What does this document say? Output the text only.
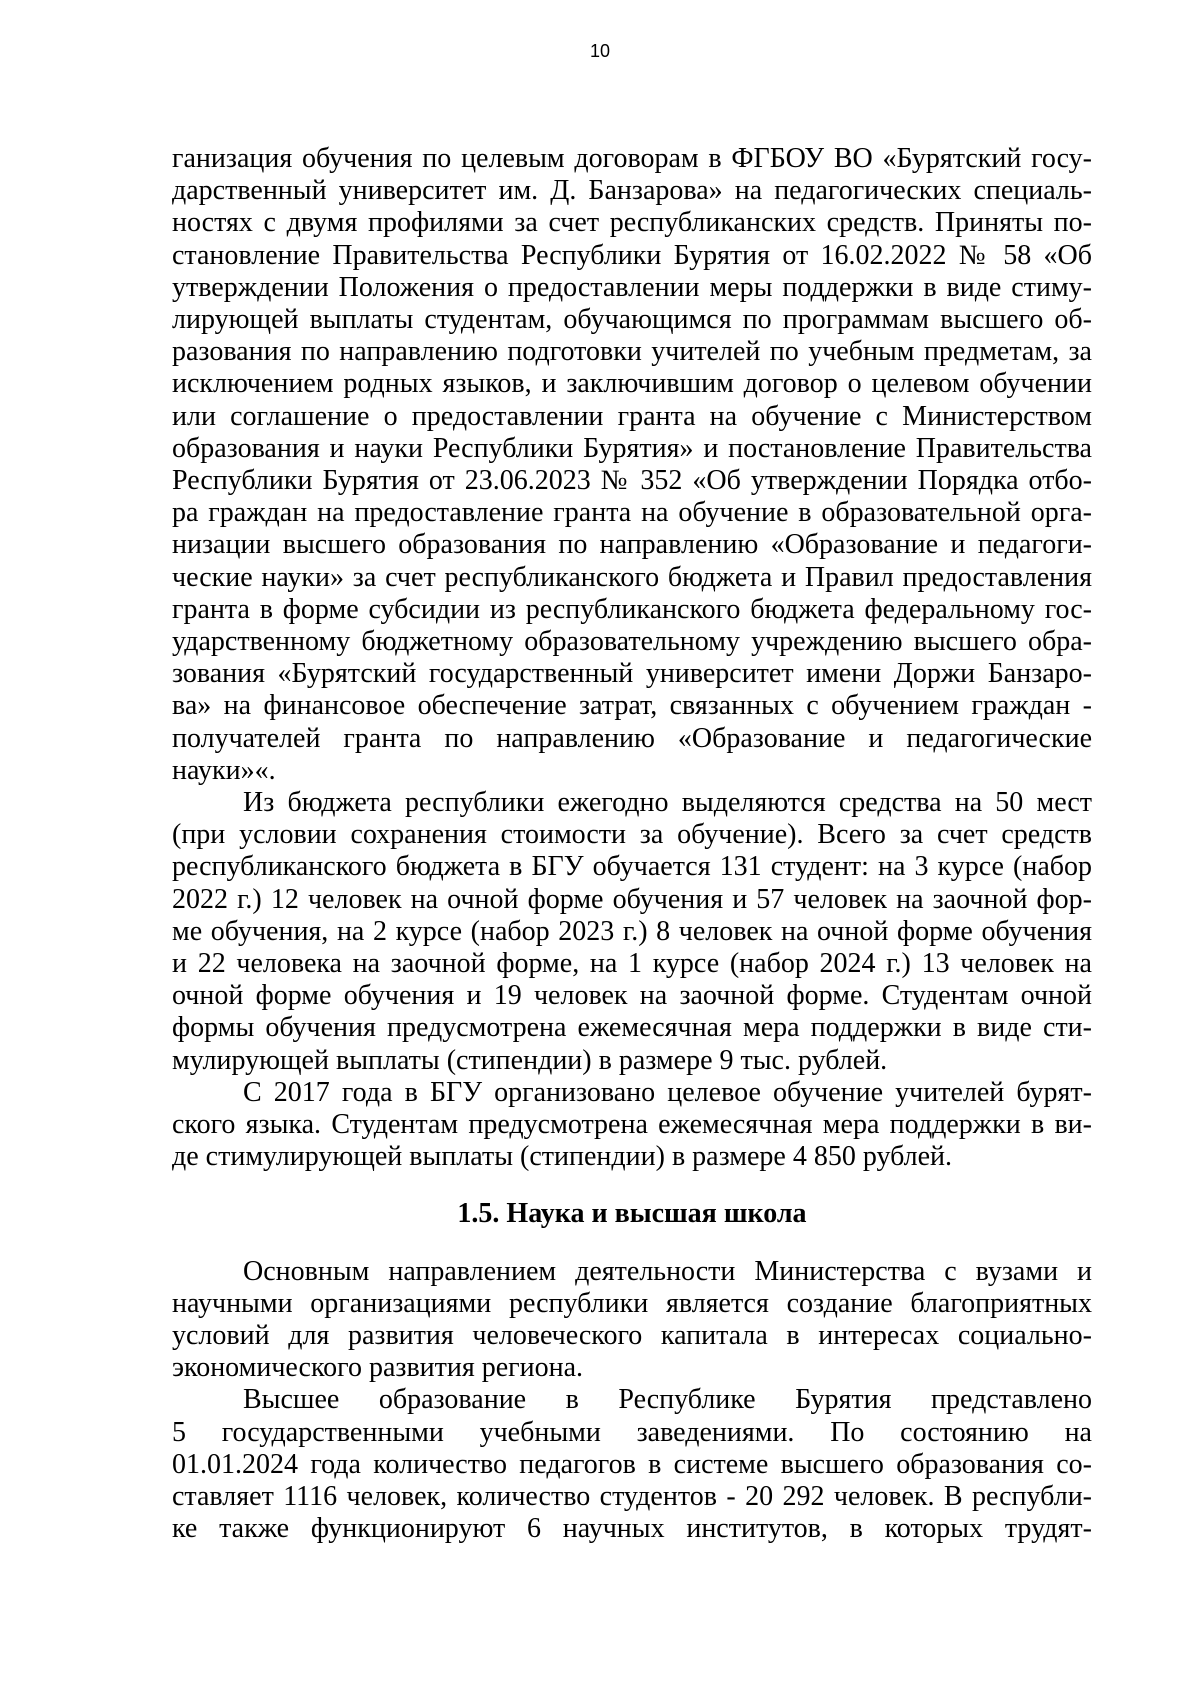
10
ганизация обучения по целевым договорам в ФГБОУ ВО «Бурятский госу-
дарственный университет им. Д. Банзарова» на педагогических специаль-
ностях с двумя профилями за счет республиканских средств. Приняты по-
становление Правительства Республики Бурятия от 16.02.2022 № 58 «Об
утверждении Положения о предоставлении меры поддержки в виде стиму-
лирующей выплаты студентам, обучающимся по программам высшего об-
разования по направлению подготовки учителей по учебным предметам, за
исключением родных языков, и заключившим договор о целевом обучении
или соглашение о предоставлении гранта на обучение с Министерством
образования и науки Республики Бурятия» и постановление Правительства
Республики Бурятия от 23.06.2023 № 352 «Об утверждении Порядка отбо-
ра граждан на предоставление гранта на обучение в образовательной орга-
низации высшего образования по направлению «Образование и педагоги-
ческие науки» за счет республиканского бюджета и Правил предоставления
гранта в форме субсидии из республиканского бюджета федеральному гос-
ударственному бюджетному образовательному учреждению высшего обра-
зования «Бурятский государственный университет имени Доржи Банзаро-
ва» на финансовое обеспечение затрат, связанных с обучением граждан -
получателей гранта по направлению «Образование и педагогические
науки»«.
Из бюджета республики ежегодно выделяются средства на 50 мест
(при условии сохранения стоимости за обучение). Всего за счет средств
республиканского бюджета в БГУ обучается 131 студент: на 3 курсе (набор
2022 г.) 12 человек на очной форме обучения и 57 человек на заочной фор-
ме обучения, на 2 курсе (набор 2023 г.) 8 человек на очной форме обучения
и 22 человека на заочной форме, на 1 курсе (набор 2024 г.) 13 человек на
очной форме обучения и 19 человек на заочной форме. Студентам очной
формы обучения предусмотрена ежемесячная мера поддержки в виде сти-
мулирующей выплаты (стипендии) в размере 9 тыс. рублей.
С 2017 года в БГУ организовано целевое обучение учителей бурят-
ского языка. Студентам предусмотрена ежемесячная мера поддержки в ви-
де стимулирующей выплаты (стипендии) в размере 4 850 рублей.
1.5. Наука и высшая школа
Основным направлением деятельности Министерства с вузами и
научными организациями республики является создание благоприятных
условий для развития человеческого капитала в интересах социально-
экономического развития региона.
Высшее образование в Республике Бурятия представлено
5 государственными учебными заведениями. По состоянию на
01.01.2024 года количество педагогов в системе высшего образования со-
ставляет 1116 человек, количество студентов - 20 292 человек. В республи-
ке также функционируют 6 научных институтов, в которых трудят-
